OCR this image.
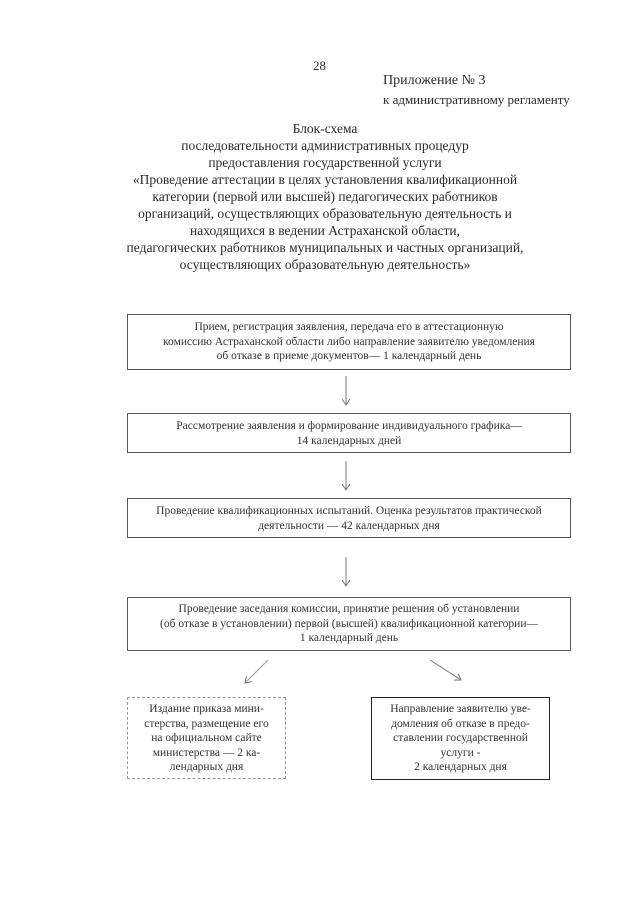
28
Приложение № 3
к административному регламенту
Блок-схема
последовательности административных процедур
предоставления государственной услуги
«Проведение аттестации в целях установления квалификационной
категории (первой или высшей) педагогических работников
организаций, осуществляющих образовательную деятельность и
находящихся в ведении Астраханской области,
педагогических работников муниципальных и частных организаций,
осуществляющих образовательную деятельность»
Прием, регистрация заявления, передача его в аттестационную
комиссию Астраханской области либо направление заявителю уведомления
об отказе в приеме документов— 1 календарный день
Рассмотрение заявления и формирование индивидуального графика—
14 календарных дней
Проведение квалификационных испытаний. Оценка результатов практической
деятельности — 42 календарных дня
Проведение заседания комиссии, принятие решения об установлении
(об отказе в установлении) первой (высшей) квалификационной категории—
1 календарный день
Издание приказа мини-
стерства, размещение его
на официальном сайте
министерства — 2 ка-
лендарных дня
Направление заявителю уве-
домления об отказе в предо-
ставлении государственной
услуги -
2 календарных дня
